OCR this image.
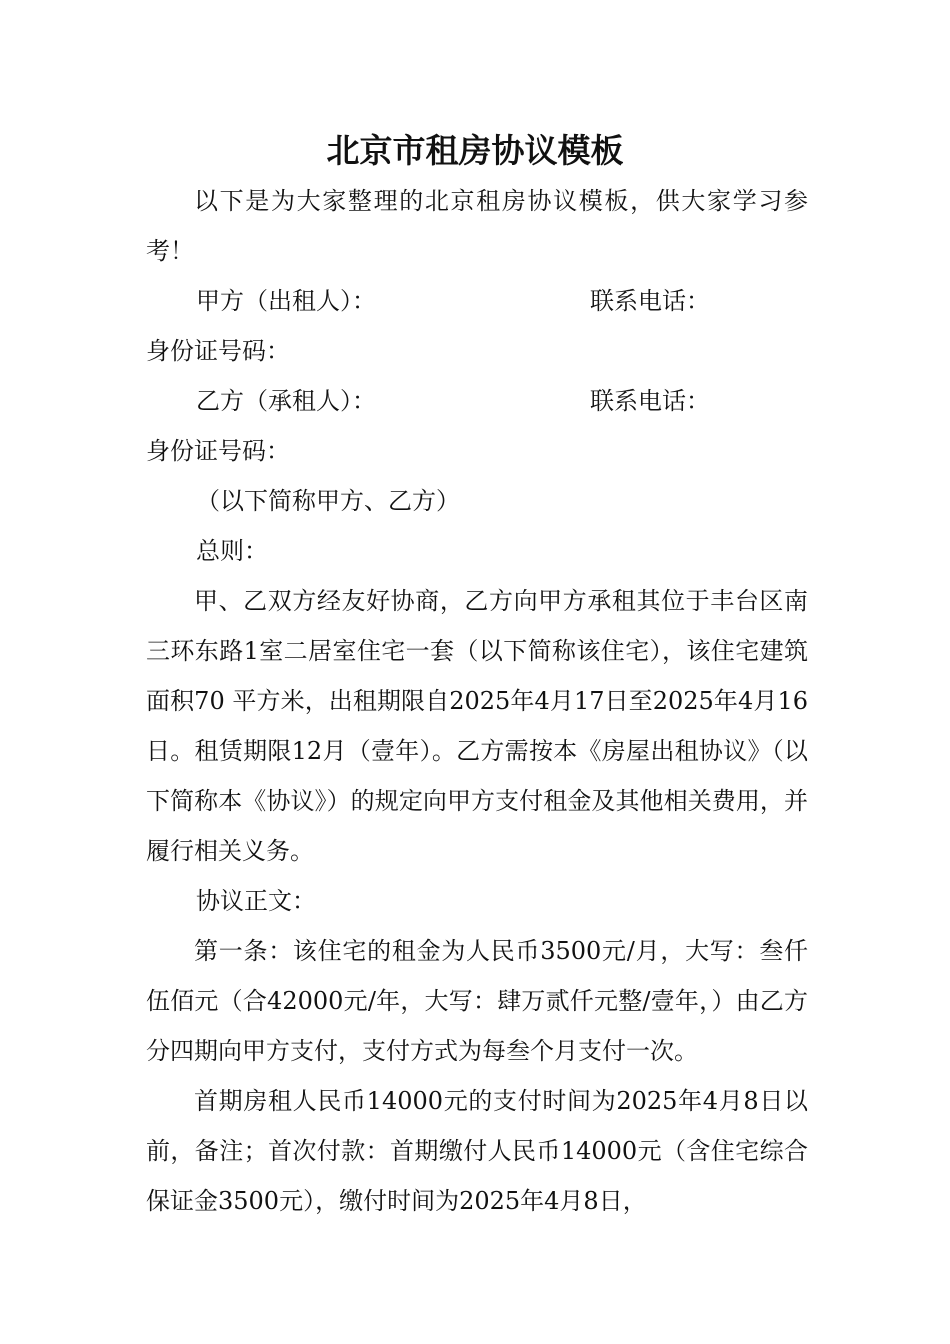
北京市租房协议模板

以下是为大家整理的北京租房协议模板，供大家学习参考！

甲方（出租人）：	联系电话：

身份证号码：

乙方（承租人）：	联系电话：

身份证号码：

（以下简称甲方、乙方）

总则：

甲、乙双方经友好协商，乙方向甲方承租其位于丰台区南三环东路1室二居室住宅一套（以下简称该住宅），该住宅建筑面积70 平方米，出租期限自2025年4月17日至2025年4月16日。租赁期限12月（壹年）。乙方需按本《房屋出租协议》（以下简称本《协议》）的规定向甲方支付租金及其他相关费用，并履行相关义务。

协议正文：

第一条：该住宅的租金为人民币3500元/月，大写：叁仟伍佰元（合42000元/年，大写：肆万贰仟元整/壹年，）由乙方分四期向甲方支付，支付方式为每叁个月支付一次。

首期房租人民币14000元的支付时间为2025年4月8日以前，备注；首次付款：首期缴付人民币14000元（含住宅综合保证金3500元），缴付时间为2025年4月8日，
